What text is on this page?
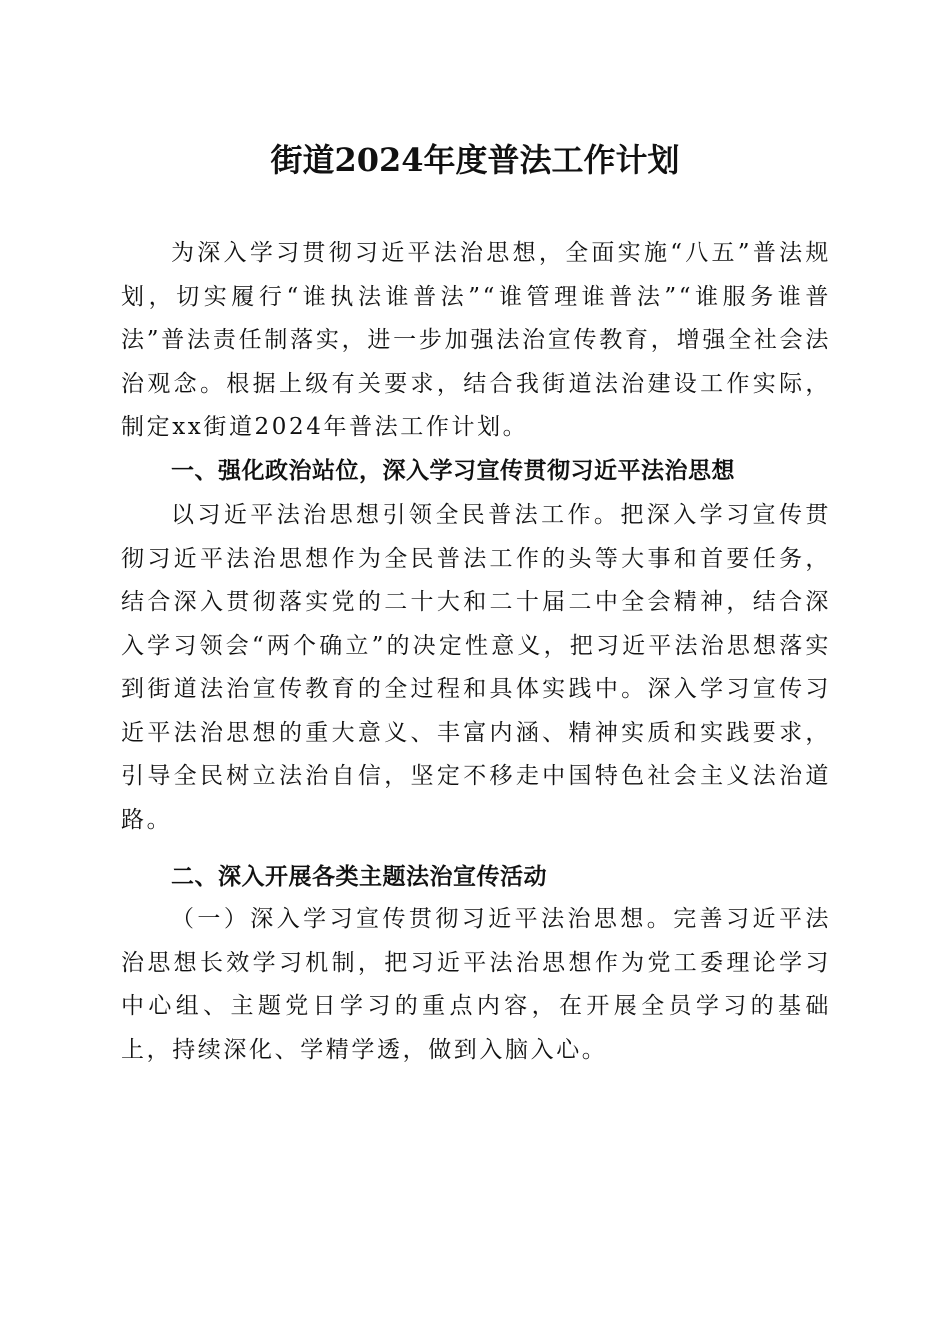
街道2024年度普法工作计划

为深入学习贯彻习近平法治思想，全面实施“八五”普法规划，切实履行“谁执法谁普法”“谁管理谁普法”“谁服务谁普法”普法责任制落实，进一步加强法治宣传教育，增强全社会法治观念。根据上级有关要求，结合我街道法治建设工作实际，制定xx街道2024年普法工作计划。

一、强化政治站位，深入学习宣传贯彻习近平法治思想

以习近平法治思想引领全民普法工作。把深入学习宣传贯彻习近平法治思想作为全民普法工作的头等大事和首要任务，结合深入贯彻落实党的二十大和二十届二中全会精神，结合深入学习领会“两个确立”的决定性意义，把习近平法治思想落实到街道法治宣传教育的全过程和具体实践中。深入学习宣传习近平法治思想的重大意义、丰富内涵、精神实质和实践要求，引导全民树立法治自信，坚定不移走中国特色社会主义法治道路。

二、深入开展各类主题法治宣传活动

（一）深入学习宣传贯彻习近平法治思想。完善习近平法治思想长效学习机制，把习近平法治思想作为党工委理论学习中心组、主题党日学习的重点内容，在开展全员学习的基础上，持续深化、学精学透，做到入脑入心。
